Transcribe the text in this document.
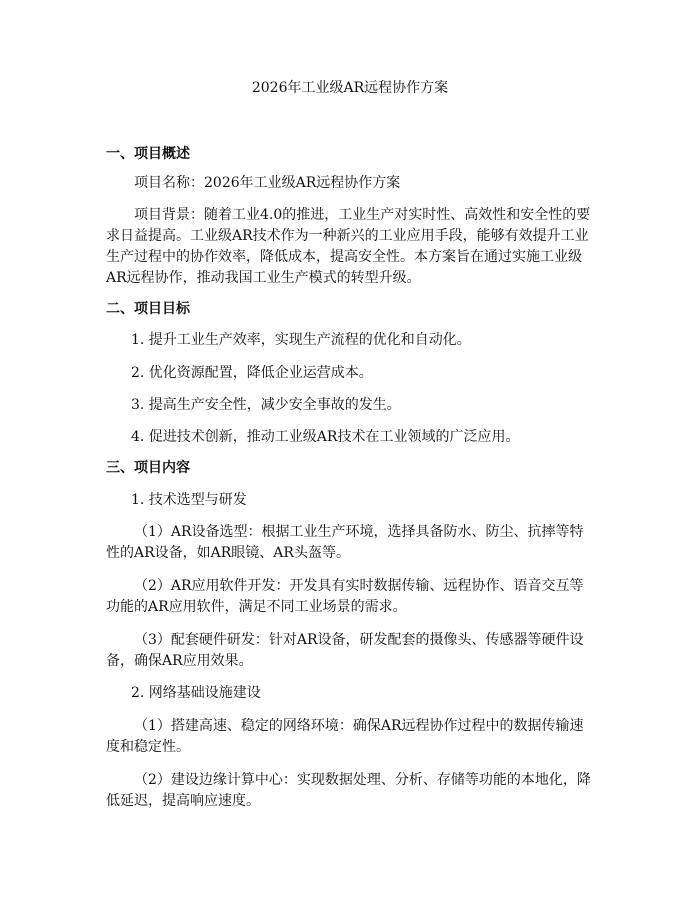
2026年工业级AR远程协作方案
一、项目概述

项目名称：2026年工业级AR远程协作方案

项目背景：随着工业4.0的推进，工业生产对实时性、高效性和安全性的要求日益提高。工业级AR技术作为一种新兴的工业应用手段，能够有效提升工业生产过程中的协作效率，降低成本，提高安全性。本方案旨在通过实施工业级AR远程协作，推动我国工业生产模式的转型升级。

二、项目目标

1. 提升工业生产效率，实现生产流程的优化和自动化。

2. 优化资源配置，降低企业运营成本。

3. 提高生产安全性，减少安全事故的发生。

4. 促进技术创新，推动工业级AR技术在工业领域的广泛应用。

三、项目内容

1. 技术选型与研发

（1）AR设备选型：根据工业生产环境，选择具备防水、防尘、抗摔等特性的AR设备，如AR眼镜、AR头盔等。

（2）AR应用软件开发：开发具有实时数据传输、远程协作、语音交互等功能的AR应用软件，满足不同工业场景的需求。

（3）配套硬件研发：针对AR设备，研发配套的摄像头、传感器等硬件设备，确保AR应用效果。

2. 网络基础设施建设

（1）搭建高速、稳定的网络环境：确保AR远程协作过程中的数据传输速度和稳定性。

（2）建设边缘计算中心：实现数据处理、分析、存储等功能的本地化，降低延迟，提高响应速度。
